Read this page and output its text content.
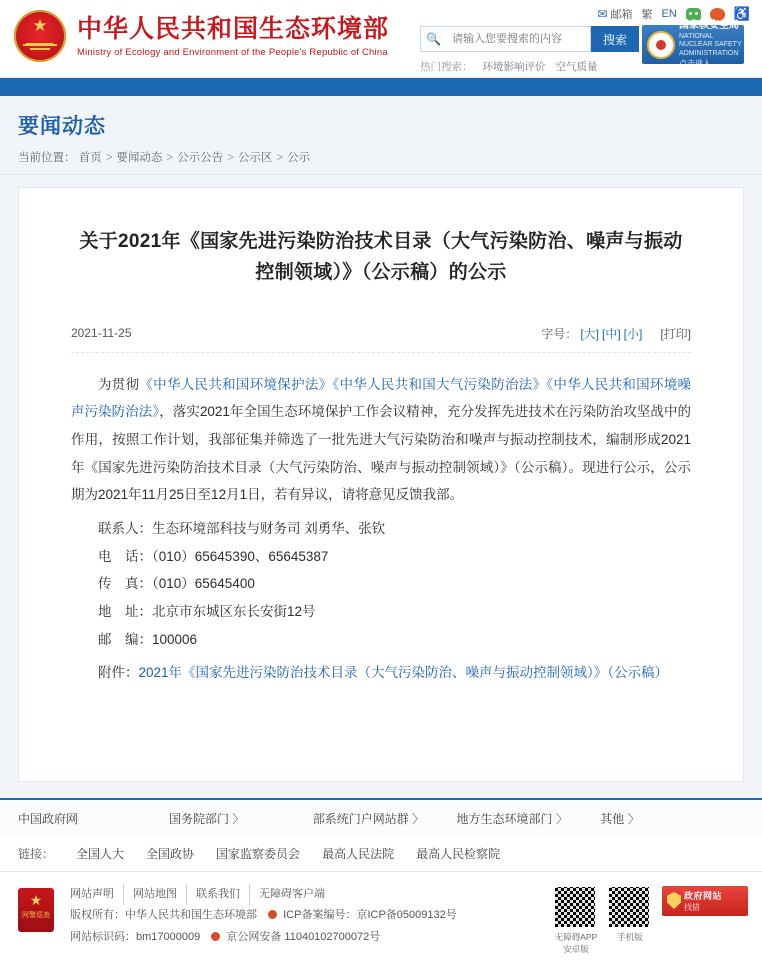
★
中华人民共和国生态环境部
Ministry of Ecology and Environment of the People's Republic of China
✉ 邮箱 繁 EN	♿
🔍
请输入您要搜索的内容	搜索
热门搜索： 环境影响评价 空气质量
国家核安全局
NATIONAL NUCLEAR SAFETY ADMINISTRATION
点击进入
要闻动态
当前位置： 首页 > 要闻动态 > 公示公告 > 公示区 > 公示
关于2021年《国家先进污染防治技术目录（大气污染防治、噪声与振动控制领域）》（公示稿）的公示
2021-11-25	字号： [大] [中] [小] [打印]

为贯彻《中华人民共和国环境保护法》《中华人民共和国大气污染防治法》《中华人民共和国环境噪声污染防治法》，落实2021年全国生态环境保护工作会议精神，充分发挥先进技术在污染防治攻坚战中的作用，按照工作计划，我部征集并筛选了一批先进大气污染防治和噪声与振动控制技术，编制形成2021年《国家先进污染防治技术目录（大气污染防治、噪声与振动控制领域）》（公示稿）。现进行公示，公示期为2021年11月25日至12月1日，若有异议，请将意见反馈我部。

联系人：生态环境部科技与财务司 刘勇华、张钦

电　话：（010）65645390、65645387

传　真：（010）65645400

地　址：北京市东城区东长安街12号

邮　编：100006

附件：2021年《国家先进污染防治技术目录（大气污染防治、噪声与振动控制领域）》（公示稿）

中国政府网	国务院部门 〉	部系统门户网站群 〉	地方生态环境部门 〉	其他 〉
链接： 全国人大 全国政协 国家监察委员会 最高人民法院 最高人民检察院
★ 网警巡查
网站声明	网站地图	联系我们	无障碍客户端
版权所有：中华人民共和国生态环境部 ICP备案编号：京ICP备05009132号
网站标识码：bm17000009 京公网安备 11040102700072号	无障碍APP安卓版
手机版
政府网站
找错
